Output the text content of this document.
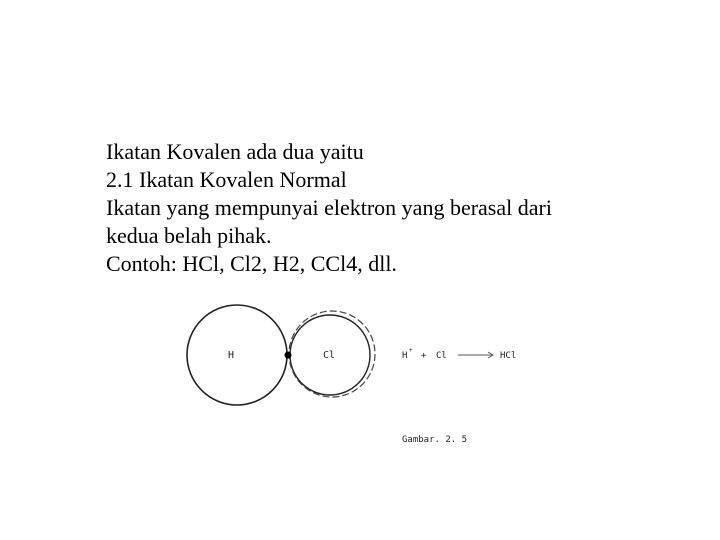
Ikatan Kovalen ada dua yaitu
2.1 Ikatan Kovalen Normal
Ikatan yang mempunyai elektron yang berasal dari
kedua belah pihak.
Contoh: HCl, Cl2, H2, CCl4, dll.
H	Cl	H
+
+ Cl	HCl
Gambar. 2. 5
